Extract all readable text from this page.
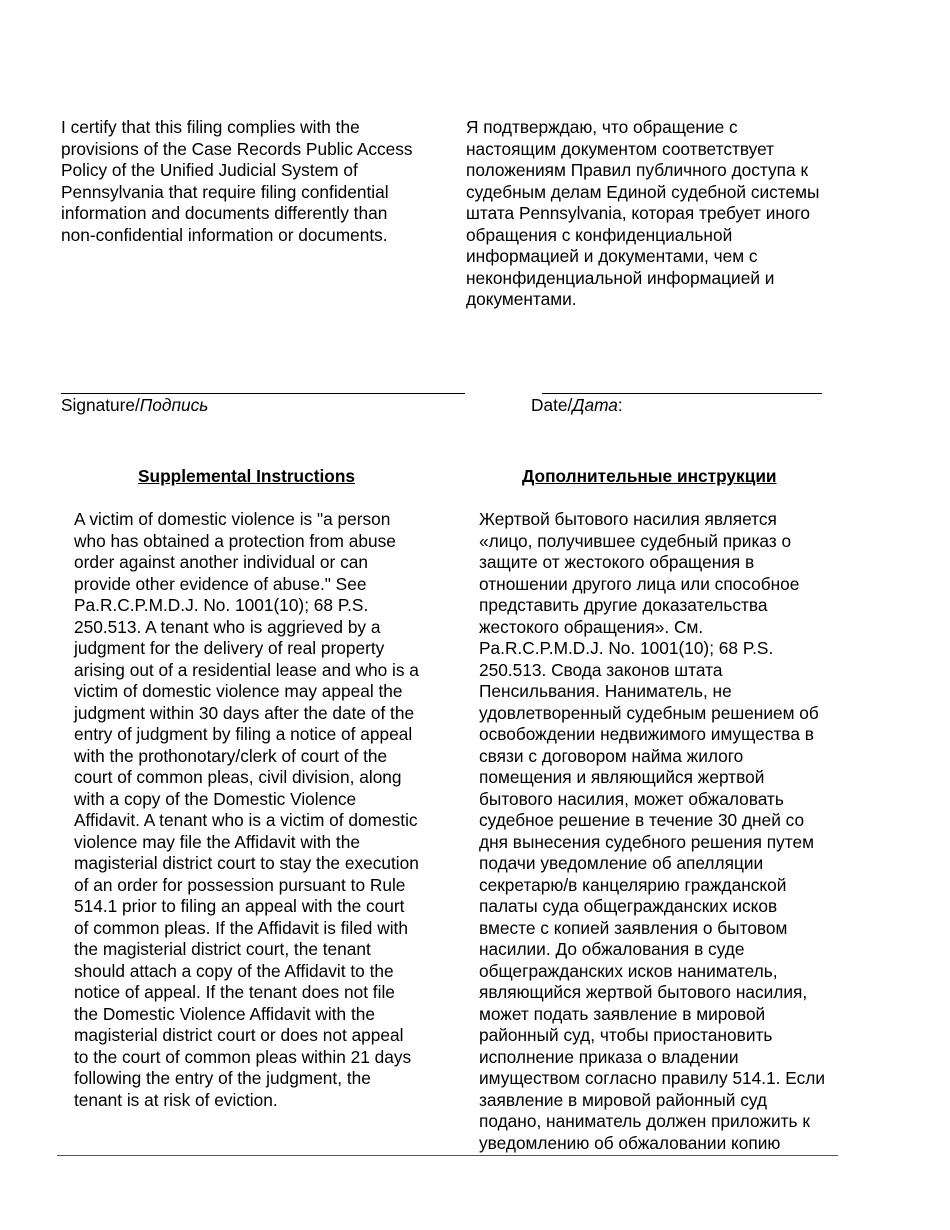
I certify that this filing complies with the
provisions of the Case Records Public Access
Policy of the Unified Judicial System of
Pennsylvania that require filing confidential
information and documents differently than
non-confidential information or documents.
Я подтверждаю, что обращение с
настоящим документом соответствует
положениям Правил публичного доступа к
судебным делам Единой судебной системы
штата Pennsylvania, которая требует иного
обращения с конфиденциальной
информацией и документами, чем с
неконфиденциальной информацией и
документами.
Signature/Подпись	Date/Дата:
Supplemental Instructions	Дополнительные инструкции
A victim of domestic violence is "a person
who has obtained a protection from abuse
order against another individual or can
provide other evidence of abuse." See
Pa.R.C.P.M.D.J. No. 1001(10); 68 P.S.
250.513. A tenant who is aggrieved by a
judgment for the delivery of real property
arising out of a residential lease and who is a
victim of domestic violence may appeal the
judgment within 30 days after the date of the
entry of judgment by filing a notice of appeal
with the prothonotary/clerk of court of the
court of common pleas, civil division, along
with a copy of the Domestic Violence
Affidavit. A tenant who is a victim of domestic
violence may file the Affidavit with the
magisterial district court to stay the execution
of an order for possession pursuant to Rule
514.1 prior to filing an appeal with the court
of common pleas. If the Affidavit is filed with
the magisterial district court, the tenant
should attach a copy of the Affidavit to the
notice of appeal. If the tenant does not file
the Domestic Violence Affidavit with the
magisterial district court or does not appeal
to the court of common pleas within 21 days
following the entry of the judgment, the
tenant is at risk of eviction.
Жертвой бытового насилия является
«лицо, получившее судебный приказ о
защите от жестокого обращения в
отношении другого лица или способное
представить другие доказательства
жестокого обращения». См.
Pa.R.C.P.M.D.J. No. 1001(10); 68 P.S.
250.513. Свода законов штата
Пенсильвания. Наниматель, не
удовлетворенный судебным решением об
освобождении недвижимого имущества в
связи с договором найма жилого
помещения и являющийся жертвой
бытового насилия, может обжаловать
судебное решение в течение 30 дней со
дня вынесения судебного решения путем
подачи уведомление об апелляции
секретарю/в канцелярию гражданской
палаты суда общегражданских исков
вместе с копией заявления о бытовом
насилии. До обжалования в суде
общегражданских исков наниматель,
являющийся жертвой бытового насилия,
может подать заявление в мировой
районный суд, чтобы приостановить
исполнение приказа о владении
имуществом согласно правилу 514.1. Если
заявление в мировой районный суд
подано, наниматель должен приложить к
уведомлению об обжаловании копию
